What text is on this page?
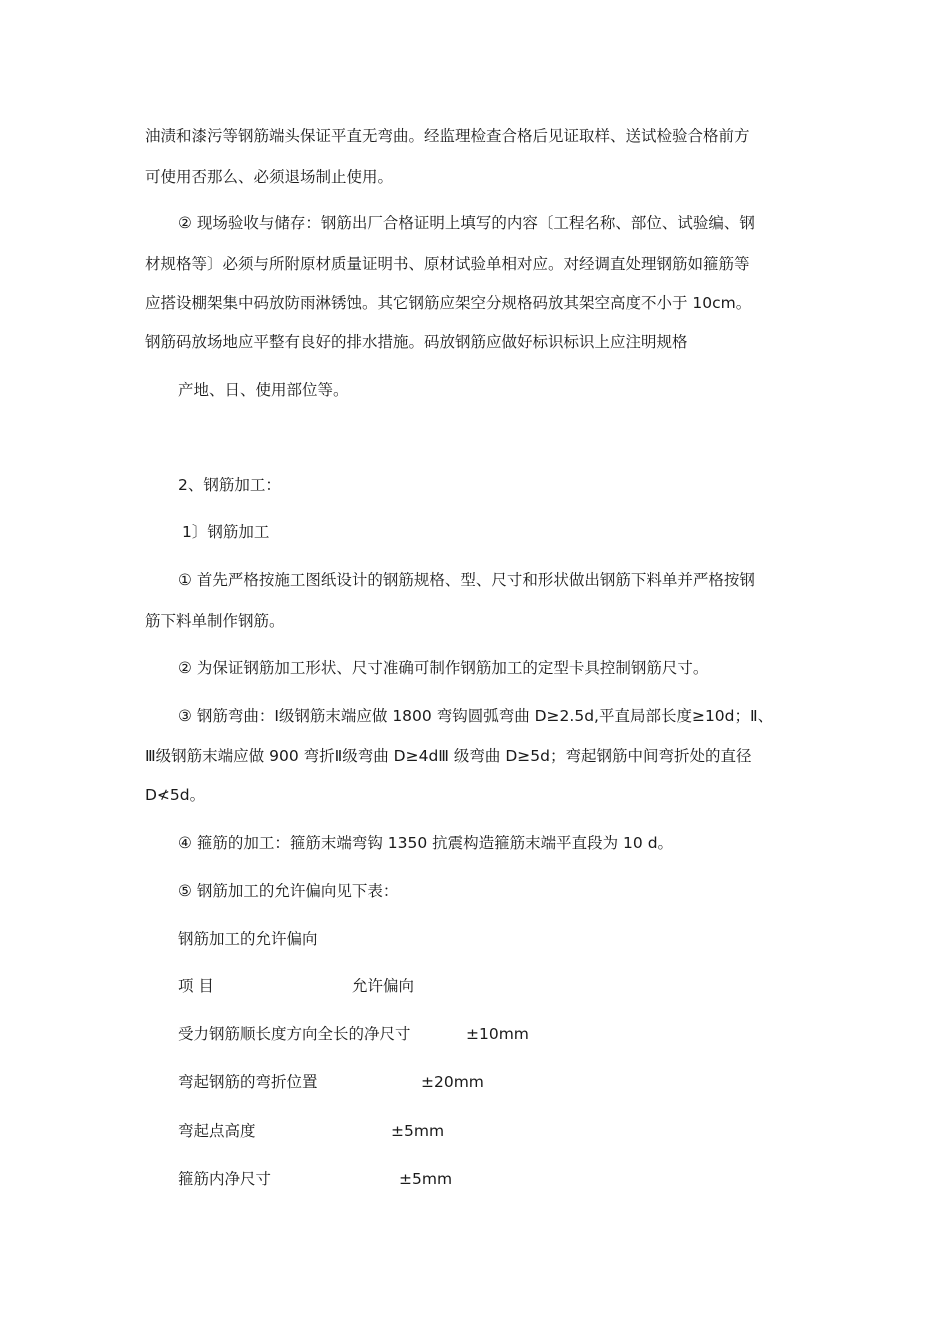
油渍和漆污等钢筋端头保证平直无弯曲。经监理检查合格后见证取样、送试检验合格前方
可使用否那么、必须退场制止使用。
② 现场验收与储存：钢筋出厂合格证明上填写的内容〔工程名称、部位、试验编、钢
材规格等〕必须与所附原材质量证明书、原材试验单相对应。对经调直处理钢筋如箍筋等
应搭设棚架集中码放防雨淋锈蚀。其它钢筋应架空分规格码放其架空高度不小于 10cm。
钢筋码放场地应平整有良好的排水措施。码放钢筋应做好标识标识上应注明规格
产地、日、使用部位等。
2、钢筋加工：
1〕钢筋加工
① 首先严格按施工图纸设计的钢筋规格、型、尺寸和形状做出钢筋下料单并严格按钢
筋下料单制作钢筋。
② 为保证钢筋加工形状、尺寸准确可制作钢筋加工的定型卡具控制钢筋尺寸。
③ 钢筋弯曲：Ⅰ级钢筋末端应做 1800 弯钩圆弧弯曲 D≥2.5d,平直局部长度≥10d；Ⅱ、
Ⅲ级钢筋末端应做 900 弯折Ⅱ级弯曲 D≥4dⅢ 级弯曲 D≥5d；弯起钢筋中间弯折处的直径
D≮5d。
④ 箍筋的加工：箍筋末端弯钩 1350 抗震构造箍筋末端平直段为 10 d。
⑤ 钢筋加工的允许偏向见下表：
钢筋加工的允许偏向
项 目	允许偏向
受力钢筋顺长度方向全长的净尺寸	±10mm
弯起钢筋的弯折位置	±20mm
弯起点高度	±5mm
箍筋内净尺寸	±5mm
